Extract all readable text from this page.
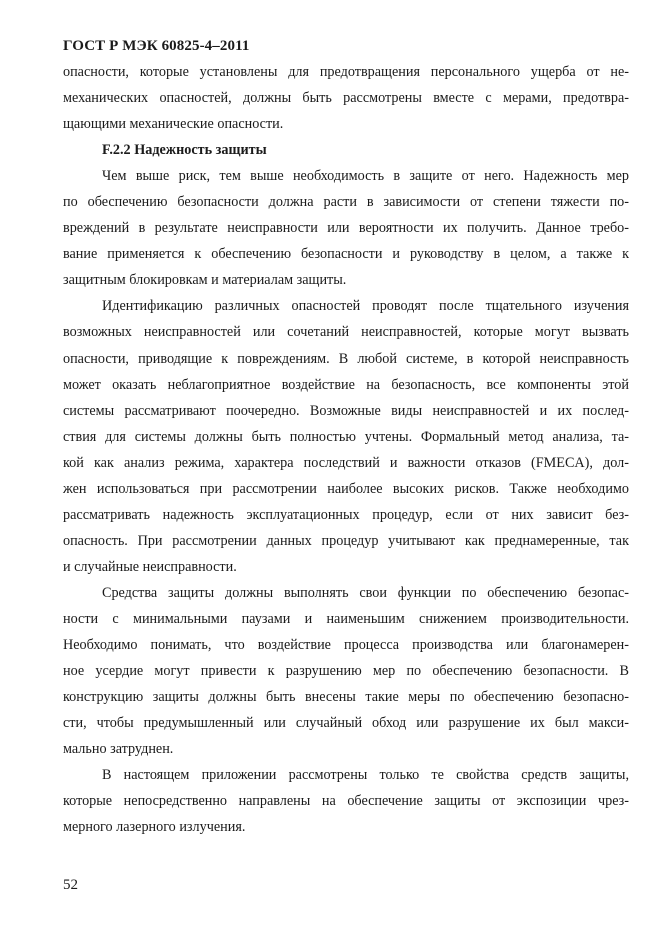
ГОСТ Р МЭК 60825-4–2011
опасности, которые установлены для предотвращения персонального ущерба от не-
механических опасностей, должны быть рассмотрены вместе с мерами, предотвра-
щающими механические опасности.
F.2.2 Надежность защиты
Чем выше риск, тем выше необходимость в защите от него. Надежность мер
по обеспечению безопасности должна расти в зависимости от степени тяжести по-
вреждений в результате неисправности или вероятности их получить. Данное требо-
вание применяется к обеспечению безопасности и руководству в целом, а также к
защитным блокировкам и материалам защиты.
Идентификацию различных опасностей проводят после тщательного изучения
возможных неисправностей или сочетаний неисправностей, которые могут вызвать
опасности, приводящие к повреждениям. В любой системе, в которой неисправность
может оказать неблагоприятное воздействие на безопасность, все компоненты этой
системы рассматривают поочередно. Возможные виды неисправностей и их послед-
ствия для системы должны быть полностью учтены. Формальный метод анализа, та-
кой как анализ режима, характера последствий и важности отказов (FMECA), дол-
жен использоваться при рассмотрении наиболее высоких рисков. Также необходимо
рассматривать надежность эксплуатационных процедур, если от них зависит без-
опасность. При рассмотрении данных процедур учитывают как преднамеренные, так
и случайные неисправности.
Средства защиты должны выполнять свои функции по обеспечению безопас-
ности с минимальными паузами и наименьшим снижением производительности.
Необходимо понимать, что воздействие процесса производства или благонамерен-
ное усердие могут привести к разрушению мер по обеспечению безопасности. В
конструкцию защиты должны быть внесены такие меры по обеспечению безопасно-
сти, чтобы предумышленный или случайный обход или разрушение их был макси-
мально затруднен.
В настоящем приложении рассмотрены только те свойства средств защиты,
которые непосредственно направлены на обеспечение защиты от экспозиции чрез-
мерного лазерного излучения.
52
